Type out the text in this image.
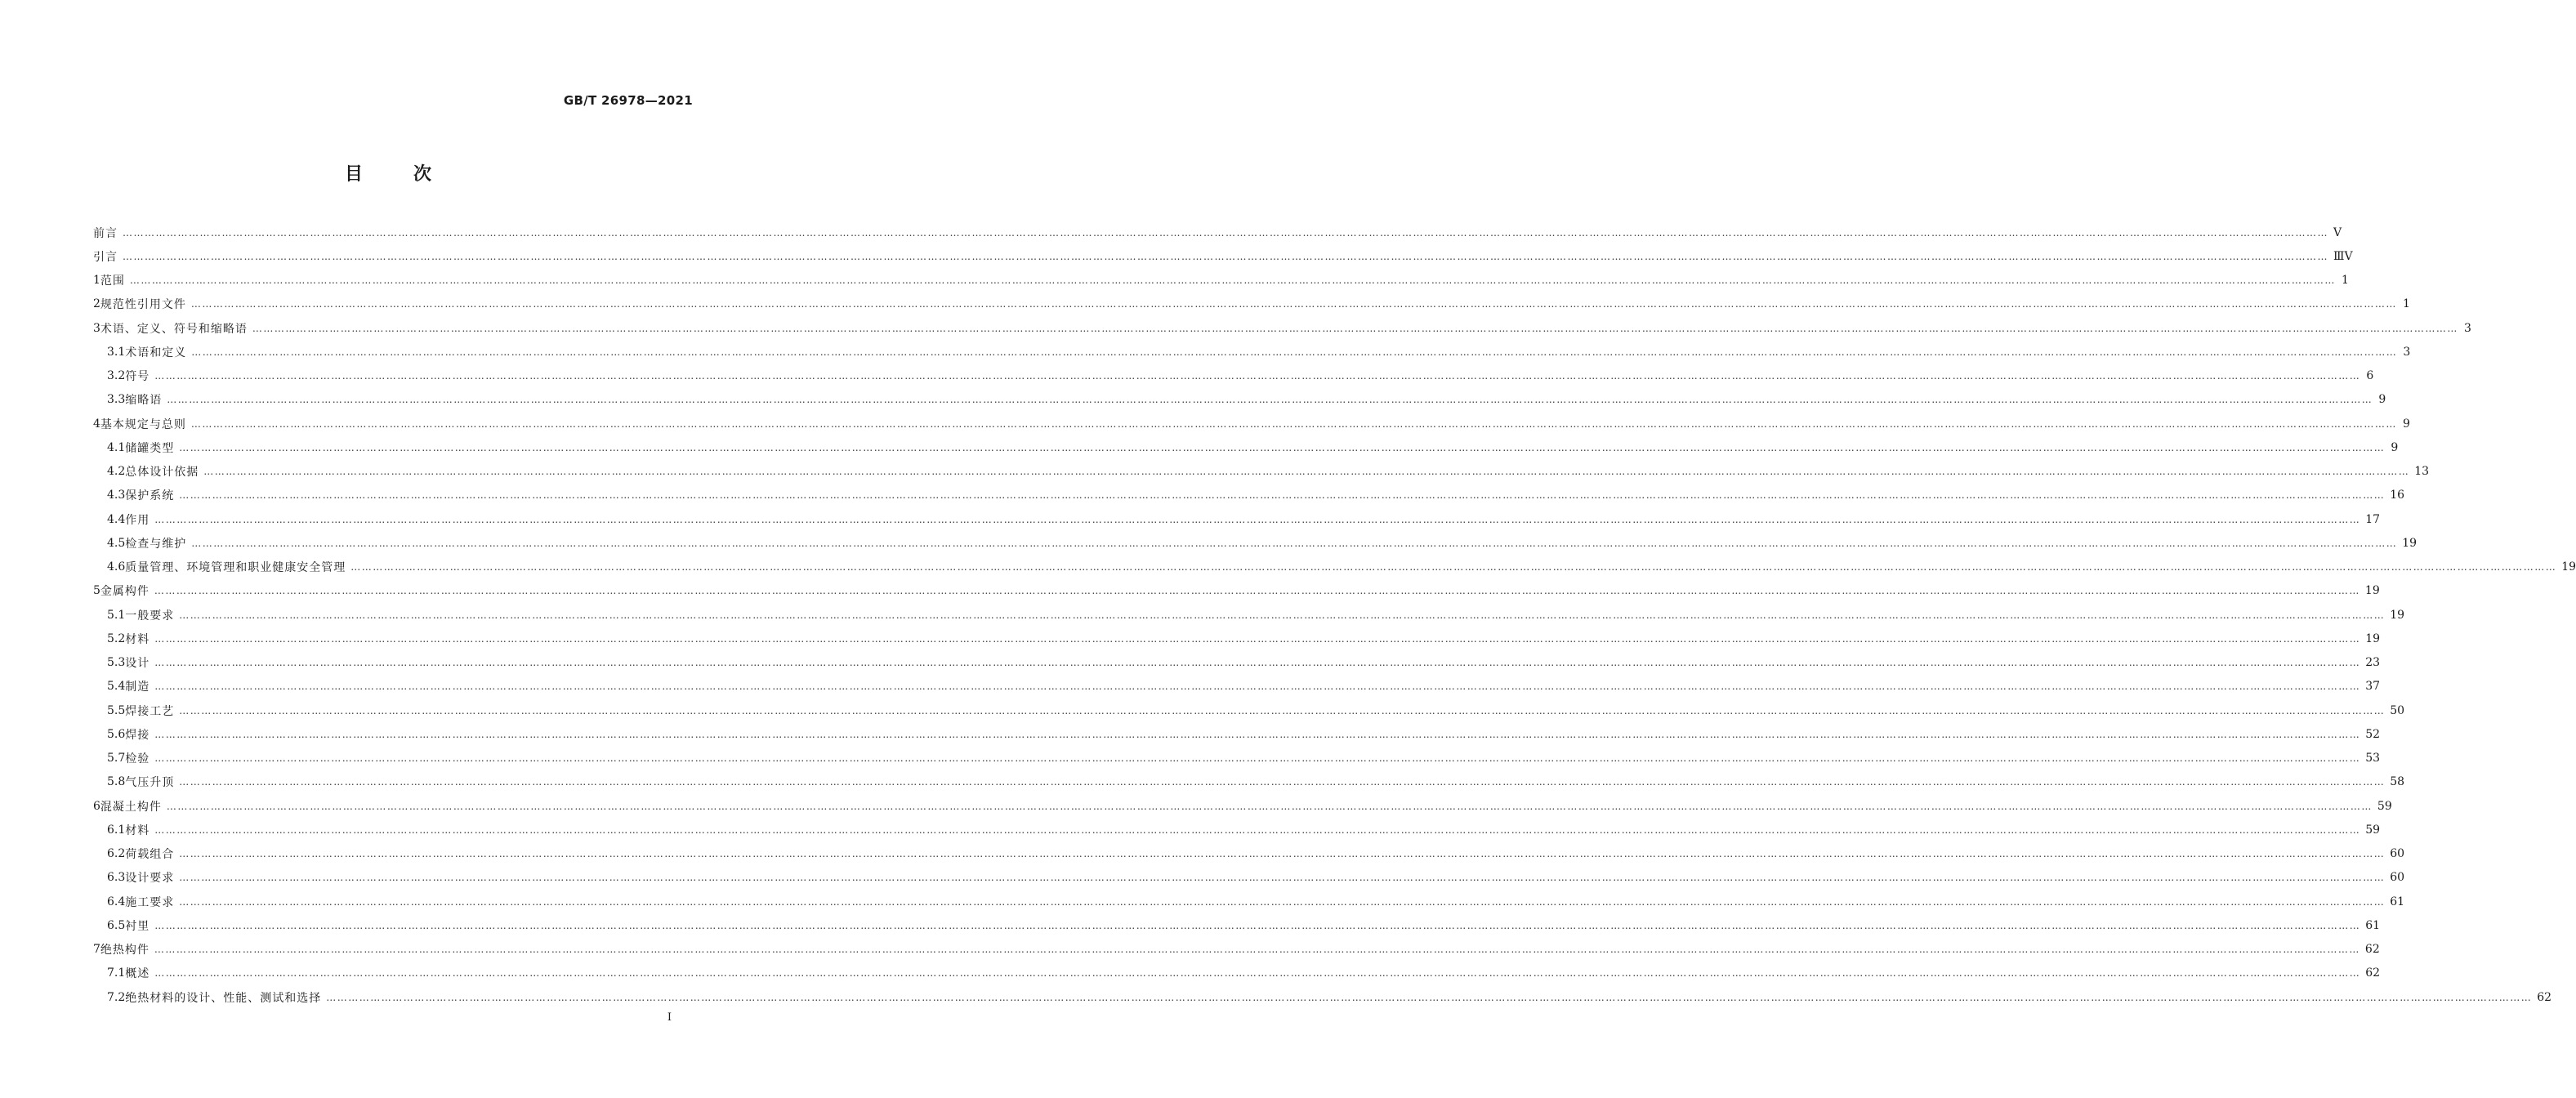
GB/T 26978—2021
目次
前言 …………………………………………………………………………………………………………………………………………………………………………………………………………………………………………………………………………………………………………………………………………………………………………………………………………………………………………………………………………………………………………………………………………………… V
引言 …………………………………………………………………………………………………………………………………………………………………………………………………………………………………………………………………………………………………………………………………………………………………………………………………………………………………………………………………………………………………………………………………………………… ⅢV
1 范围 …………………………………………………………………………………………………………………………………………………………………………………………………………………………………………………………………………………………………………………………………………………………………………………………………………………………………………………………………………………………………………………………………………………… 1
2 规范性引用文件 …………………………………………………………………………………………………………………………………………………………………………………………………………………………………………………………………………………………………………………………………………………………………………………………………………………………………………………………………………………………………………………………………………………… 1
3 术语、定义、符号和缩略语 …………………………………………………………………………………………………………………………………………………………………………………………………………………………………………………………………………………………………………………………………………………………………………………………………………………………………………………………………………………………………………………………………………………… 3
3.1 术语和定义 …………………………………………………………………………………………………………………………………………………………………………………………………………………………………………………………………………………………………………………………………………………………………………………………………………………………………………………………………………………………………………………………………………………… 3
3.2 符号 …………………………………………………………………………………………………………………………………………………………………………………………………………………………………………………………………………………………………………………………………………………………………………………………………………………………………………………………………………………………………………………………………………………… 6
3.3 缩略语 …………………………………………………………………………………………………………………………………………………………………………………………………………………………………………………………………………………………………………………………………………………………………………………………………………………………………………………………………………………………………………………………………………………… 9
4 基本规定与总则 …………………………………………………………………………………………………………………………………………………………………………………………………………………………………………………………………………………………………………………………………………………………………………………………………………………………………………………………………………………………………………………………………………………… 9
4.1 储罐类型 …………………………………………………………………………………………………………………………………………………………………………………………………………………………………………………………………………………………………………………………………………………………………………………………………………………………………………………………………………………………………………………………………………………… 9
4.2 总体设计依据 …………………………………………………………………………………………………………………………………………………………………………………………………………………………………………………………………………………………………………………………………………………………………………………………………………………………………………………………………………………………………………………………………………………… 13
4.3 保护系统 …………………………………………………………………………………………………………………………………………………………………………………………………………………………………………………………………………………………………………………………………………………………………………………………………………………………………………………………………………………………………………………………………………………… 16
4.4 作用 …………………………………………………………………………………………………………………………………………………………………………………………………………………………………………………………………………………………………………………………………………………………………………………………………………………………………………………………………………………………………………………………………………………… 17
4.5 检查与维护 …………………………………………………………………………………………………………………………………………………………………………………………………………………………………………………………………………………………………………………………………………………………………………………………………………………………………………………………………………………………………………………………………………………… 19
4.6 质量管理、环境管理和职业健康安全管理 …………………………………………………………………………………………………………………………………………………………………………………………………………………………………………………………………………………………………………………………………………………………………………………………………………………………………………………………………………………………………………………………………………………… 19
5 金属构件 …………………………………………………………………………………………………………………………………………………………………………………………………………………………………………………………………………………………………………………………………………………………………………………………………………………………………………………………………………………………………………………………………………………… 19
5.1 一般要求 …………………………………………………………………………………………………………………………………………………………………………………………………………………………………………………………………………………………………………………………………………………………………………………………………………………………………………………………………………………………………………………………………………………… 19
5.2 材料 …………………………………………………………………………………………………………………………………………………………………………………………………………………………………………………………………………………………………………………………………………………………………………………………………………………………………………………………………………………………………………………………………………………… 19
5.3 设计 …………………………………………………………………………………………………………………………………………………………………………………………………………………………………………………………………………………………………………………………………………………………………………………………………………………………………………………………………………………………………………………………………………………… 23
5.4 制造 …………………………………………………………………………………………………………………………………………………………………………………………………………………………………………………………………………………………………………………………………………………………………………………………………………………………………………………………………………………………………………………………………………………… 37
5.5 焊接工艺 …………………………………………………………………………………………………………………………………………………………………………………………………………………………………………………………………………………………………………………………………………………………………………………………………………………………………………………………………………………………………………………………………………………… 50
5.6 焊接 …………………………………………………………………………………………………………………………………………………………………………………………………………………………………………………………………………………………………………………………………………………………………………………………………………………………………………………………………………………………………………………………………………………… 52
5.7 检验 …………………………………………………………………………………………………………………………………………………………………………………………………………………………………………………………………………………………………………………………………………………………………………………………………………………………………………………………………………………………………………………………………………………… 53
5.8 气压升顶 …………………………………………………………………………………………………………………………………………………………………………………………………………………………………………………………………………………………………………………………………………………………………………………………………………………………………………………………………………………………………………………………………………………… 58
6 混凝土构件 …………………………………………………………………………………………………………………………………………………………………………………………………………………………………………………………………………………………………………………………………………………………………………………………………………………………………………………………………………………………………………………………………………………… 59
6.1 材料 …………………………………………………………………………………………………………………………………………………………………………………………………………………………………………………………………………………………………………………………………………………………………………………………………………………………………………………………………………………………………………………………………………………… 59
6.2 荷载组合 …………………………………………………………………………………………………………………………………………………………………………………………………………………………………………………………………………………………………………………………………………………………………………………………………………………………………………………………………………………………………………………………………………………… 60
6.3 设计要求 …………………………………………………………………………………………………………………………………………………………………………………………………………………………………………………………………………………………………………………………………………………………………………………………………………………………………………………………………………………………………………………………………………………… 60
6.4 施工要求 …………………………………………………………………………………………………………………………………………………………………………………………………………………………………………………………………………………………………………………………………………………………………………………………………………………………………………………………………………………………………………………………………………………… 61
6.5 衬里 …………………………………………………………………………………………………………………………………………………………………………………………………………………………………………………………………………………………………………………………………………………………………………………………………………………………………………………………………………………………………………………………………………………… 61
7 绝热构件 …………………………………………………………………………………………………………………………………………………………………………………………………………………………………………………………………………………………………………………………………………………………………………………………………………………………………………………………………………………………………………………………………………………… 62
7.1 概述 …………………………………………………………………………………………………………………………………………………………………………………………………………………………………………………………………………………………………………………………………………………………………………………………………………………………………………………………………………………………………………………………………………………… 62
7.2 绝热材料的设计、性能、测试和选择 …………………………………………………………………………………………………………………………………………………………………………………………………………………………………………………………………………………………………………………………………………………………………………………………………………………………………………………………………………………………………………………………………………………… 62
I
